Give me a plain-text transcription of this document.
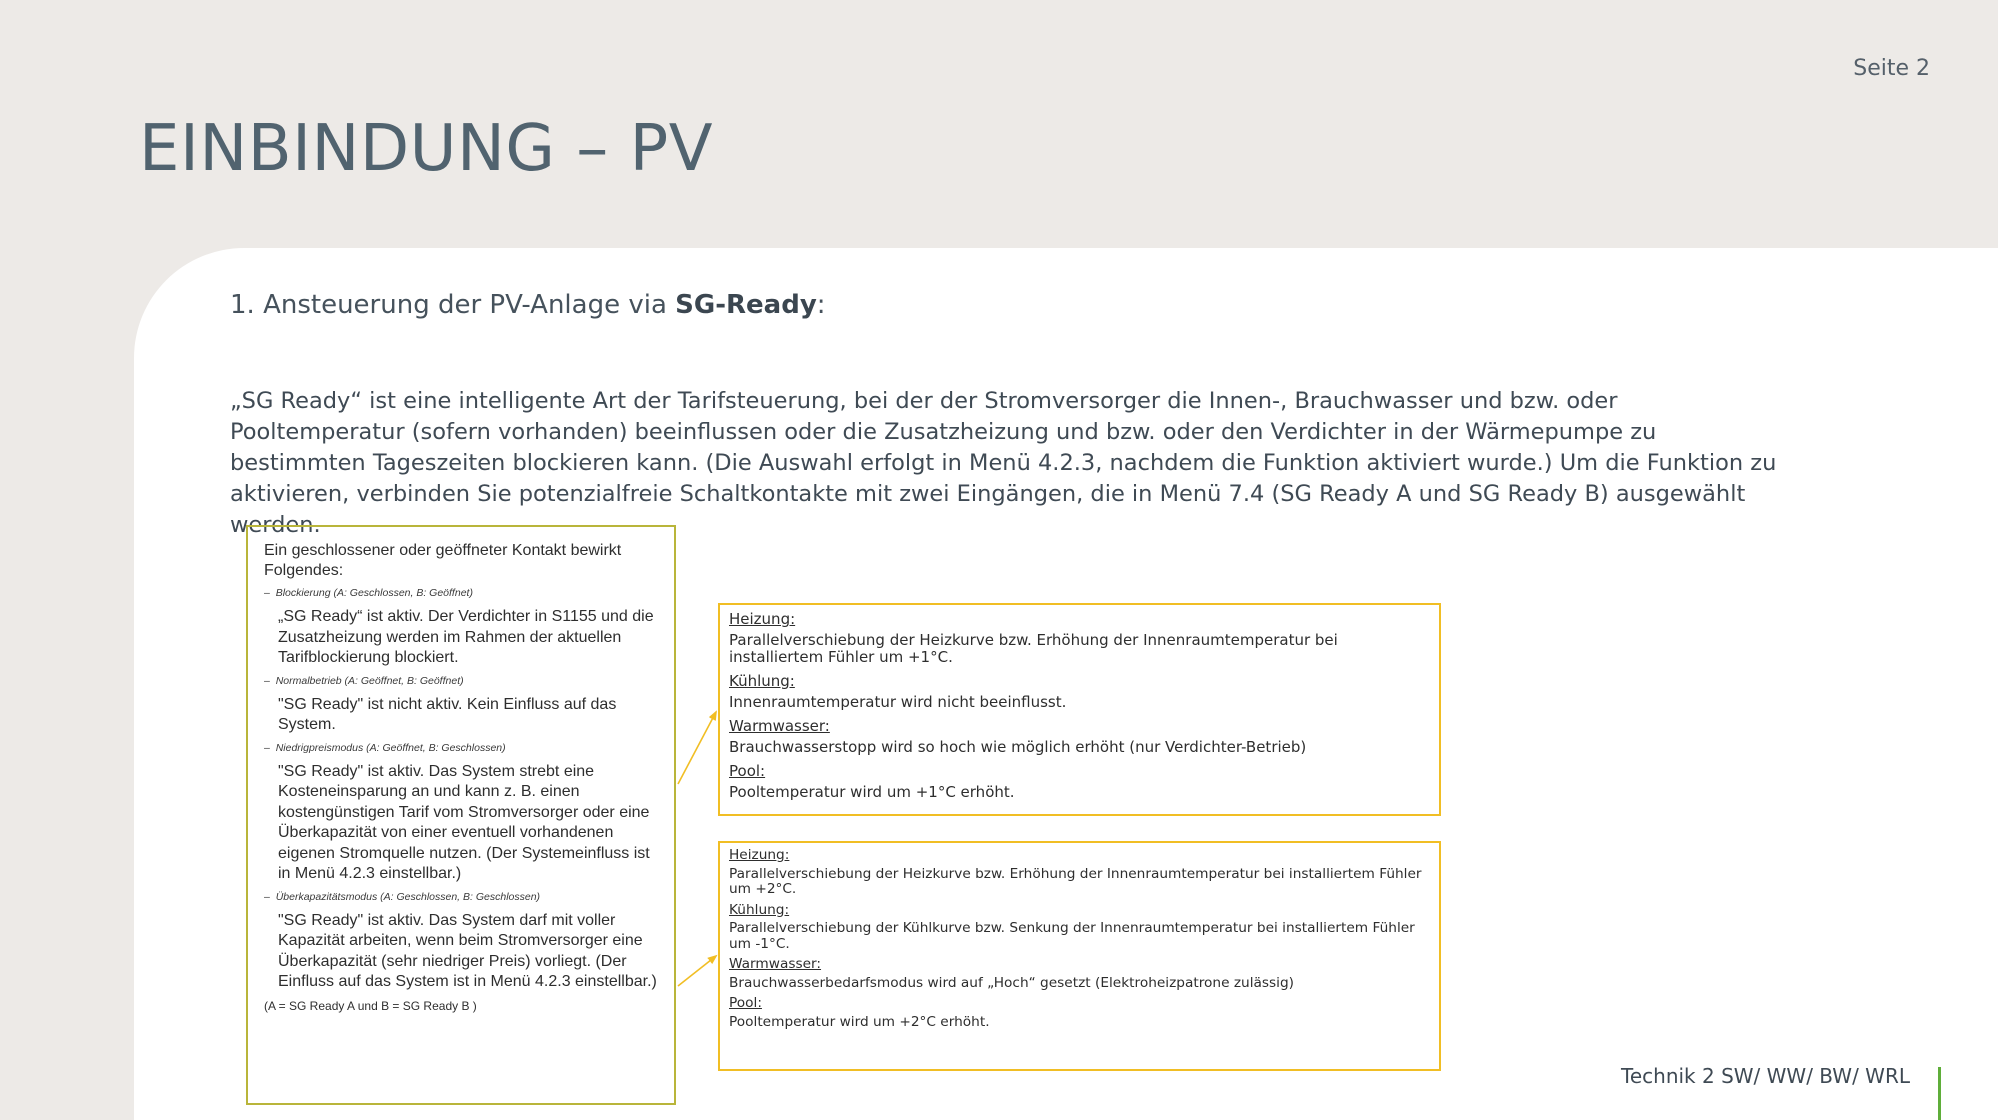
Seite 2
EINBINDUNG – PV
1. Ansteuerung der PV-Anlage via SG-Ready:
„SG Ready“ ist eine intelligente Art der Tarifsteuerung, bei der der Stromversorger die Innen-, Brauchwasser und bzw. oder Pooltemperatur (sofern vorhanden) beeinflussen oder die Zusatzheizung und bzw. oder den Verdichter in der Wärmepumpe zu bestimmten Tageszeiten blockieren kann. (Die Auswahl erfolgt in Menü 4.2.3, nachdem die Funktion aktiviert wurde.) Um die Funktion zu aktivieren, verbinden Sie potenzialfreie Schaltkontakte mit zwei Eingängen, die in Menü 7.4 (SG Ready A und SG Ready B) ausgewählt werden.
Ein geschlossener oder geöffneter Kontakt bewirkt Folgendes:
–  Blockierung (A: Geschlossen, B: Geöffnet)
„SG Ready“ ist aktiv. Der Verdichter in S1155 und die Zusatzheizung werden im Rahmen der aktuellen Tarifblockierung blockiert.
–  Normalbetrieb (A: Geöffnet, B: Geöffnet)
"SG Ready" ist nicht aktiv. Kein Einfluss auf das System.
–  Niedrigpreismodus (A: Geöffnet, B: Geschlossen)
"SG Ready" ist aktiv. Das System strebt eine Kosteneinsparung an und kann z. B. einen kostengünstigen Tarif vom Stromversorger oder eine Überkapazität von einer eventuell vorhandenen eigenen Stromquelle nutzen. (Der Systemeinfluss ist in Menü 4.2.3 einstellbar.)
–  Überkapazitätsmodus (A: Geschlossen, B: Geschlossen)
"SG Ready" ist aktiv. Das System darf mit voller Kapazität arbeiten, wenn beim Stromversorger eine Überkapazität (sehr niedriger Preis) vorliegt. (Der Einfluss auf das System ist in Menü 4.2.3 einstellbar.)
(A = SG Ready A und B = SG Ready B )

Heizung:

Parallelverschiebung der Heizkurve bzw. Erhöhung der Innenraumtemperatur bei installiertem Fühler um +1°C.

Kühlung:

Innenraumtemperatur wird nicht beeinflusst.

Warmwasser:

Brauchwasserstopp wird so hoch wie möglich erhöht (nur Verdichter-Betrieb)

Pool:

Pooltemperatur wird um +1°C erhöht.

Heizung:

Parallelverschiebung der Heizkurve bzw. Erhöhung der Innenraumtemperatur bei installiertem Fühler um +2°C.

Kühlung:

Parallelverschiebung der Kühlkurve bzw. Senkung der Innenraumtemperatur bei installiertem Fühler um -1°C.

Warmwasser:

Brauchwasserbedarfsmodus wird auf „Hoch“ gesetzt (Elektroheizpatrone zulässig)

Pool:

Pooltemperatur wird um +2°C erhöht.

Technik 2 SW/ WW/ BW/ WRL
